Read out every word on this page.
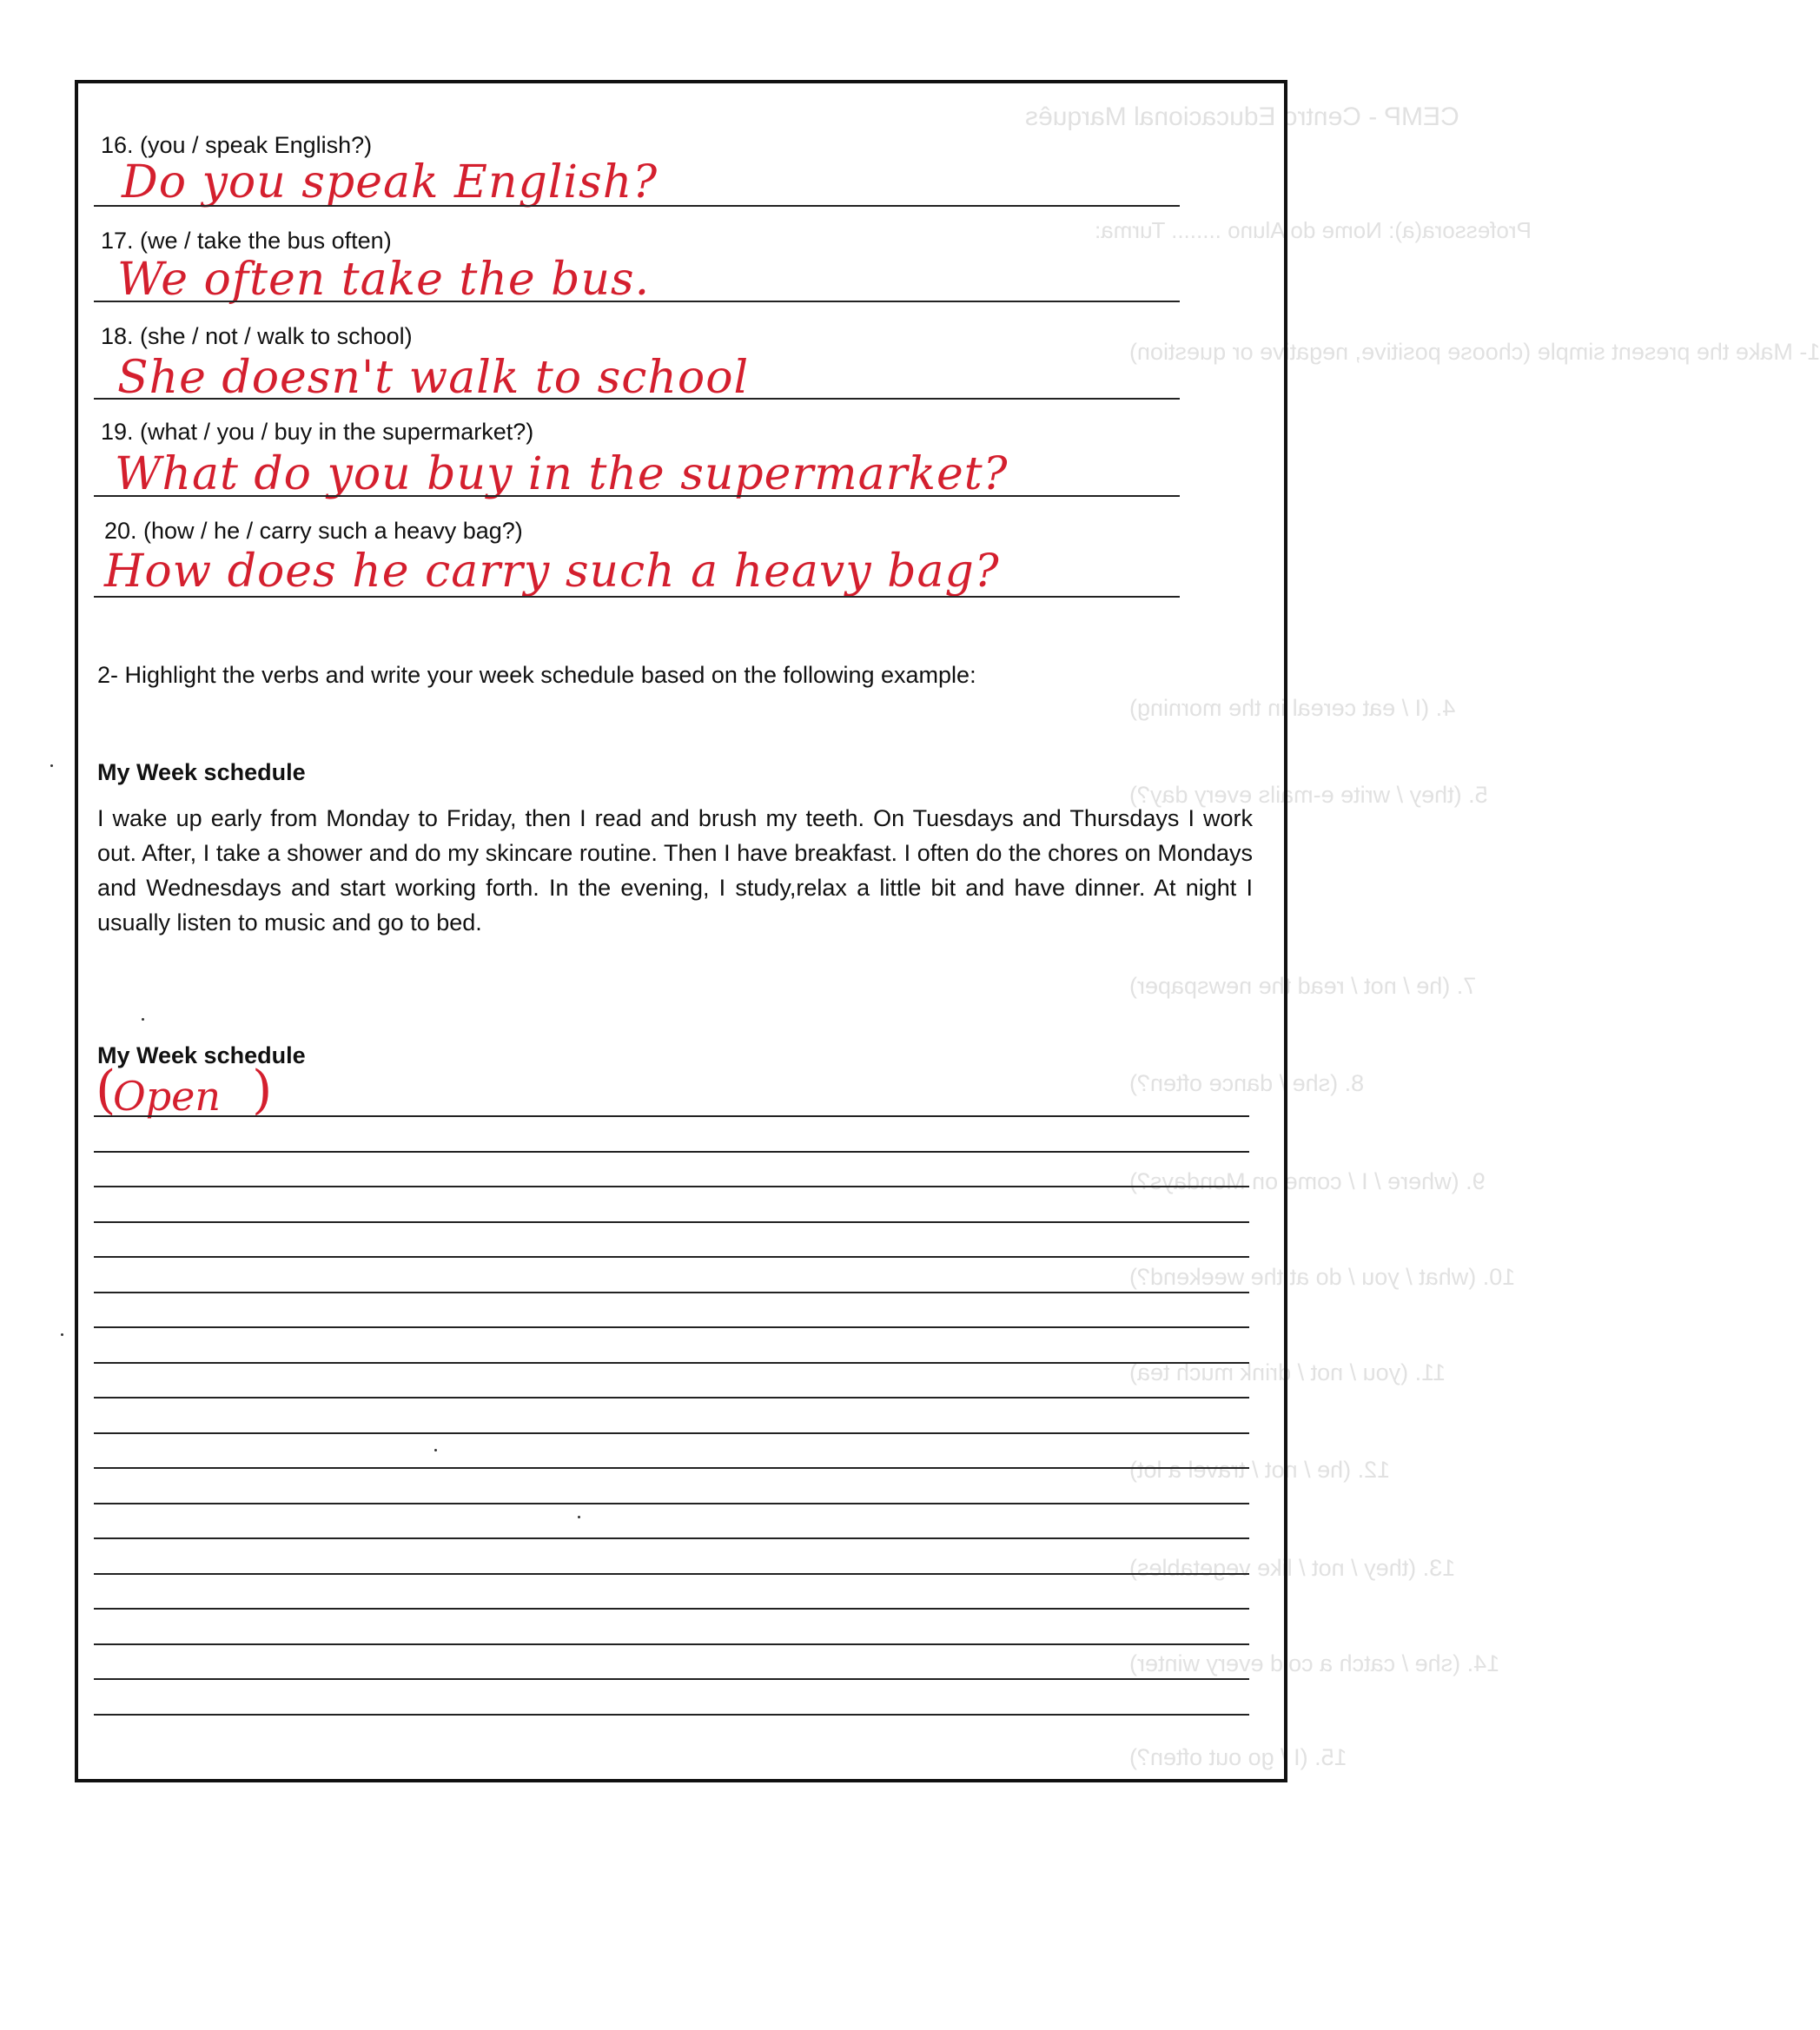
CEMP - Centro Educacional Marquês
Professora(a): Nome do Aluno ........ Turma:
1- Make the present simple (choose positive, negative or question)
4. (I / eat cereal in the morning)
5. (they / write e-mails every day?)
7. (he / not / read the newspaper)
8. (she / dance often?)
9. (where / I / come on Mondays?)
10. (what / you / do at the weekend?)
11. (you / not / drink much tea)
12. (he / not / travel a lot)
13. (they / not / like vegetables)
14. (she / catch a cold every winter)
15. (I / go out often?)
16. (you / speak English?)
Do you speak English?
17. (we / take the bus often)
We often take the bus.
18. (she / not / walk to school)
She doesn't walk to school
19. (what / you / buy in the supermarket?)
What do you buy in the supermarket?
20. (how / he / carry such a heavy bag?)
How does he carry such a heavy bag?
2- Highlight the verbs and write your week schedule based on the following example:
My Week schedule
I wake up early from Monday to Friday, then I read and brush my teeth. On Tuesdays and Thursdays I work out. After, I take a shower and do my skincare routine. Then I have breakfast. I often do the chores on Mondays and Wednesdays and start working forth. In the evening, I study,relax a little bit and have dinner. At night I usually listen to music and go to bed.
My Week schedule
(
Open )
